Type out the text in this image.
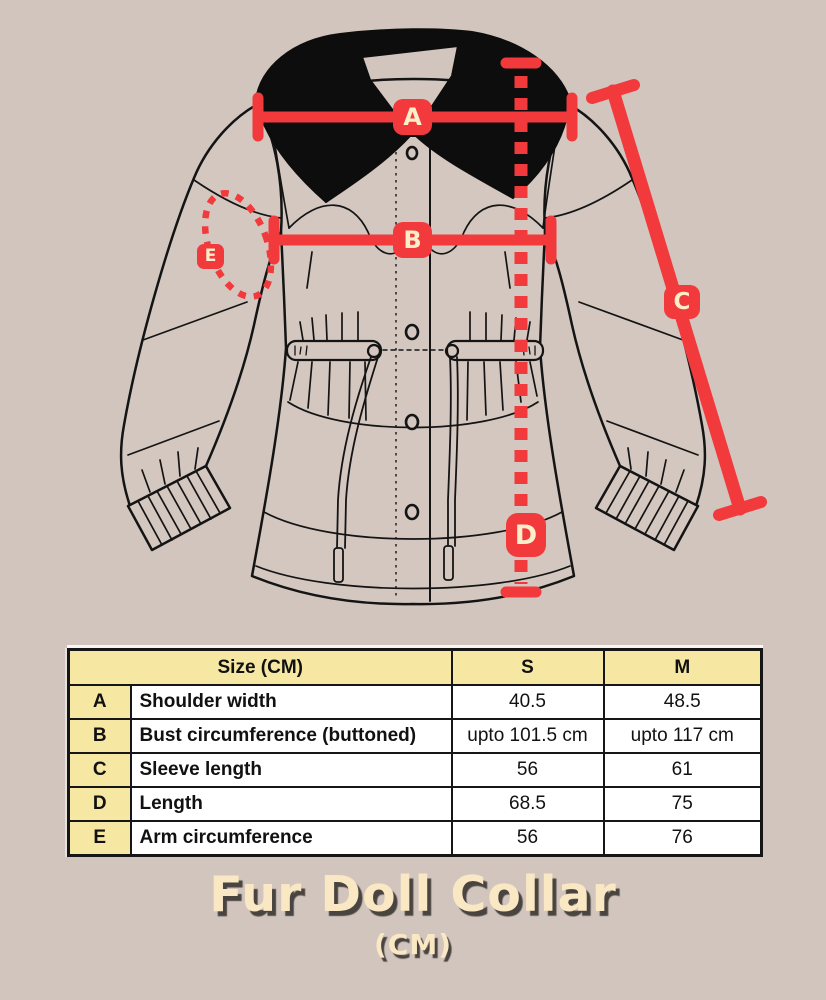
A
B
C
D
E
Size (CM)		S	M
A	Shoulder width	40.5	48.5
B	Bust circumference (buttoned)	upto 101.5 cm	upto 117 cm
C	Sleeve length	56	61
D	Length	68.5	75
E	Arm circumference	56	76
Fur Doll Collar
(CM)
